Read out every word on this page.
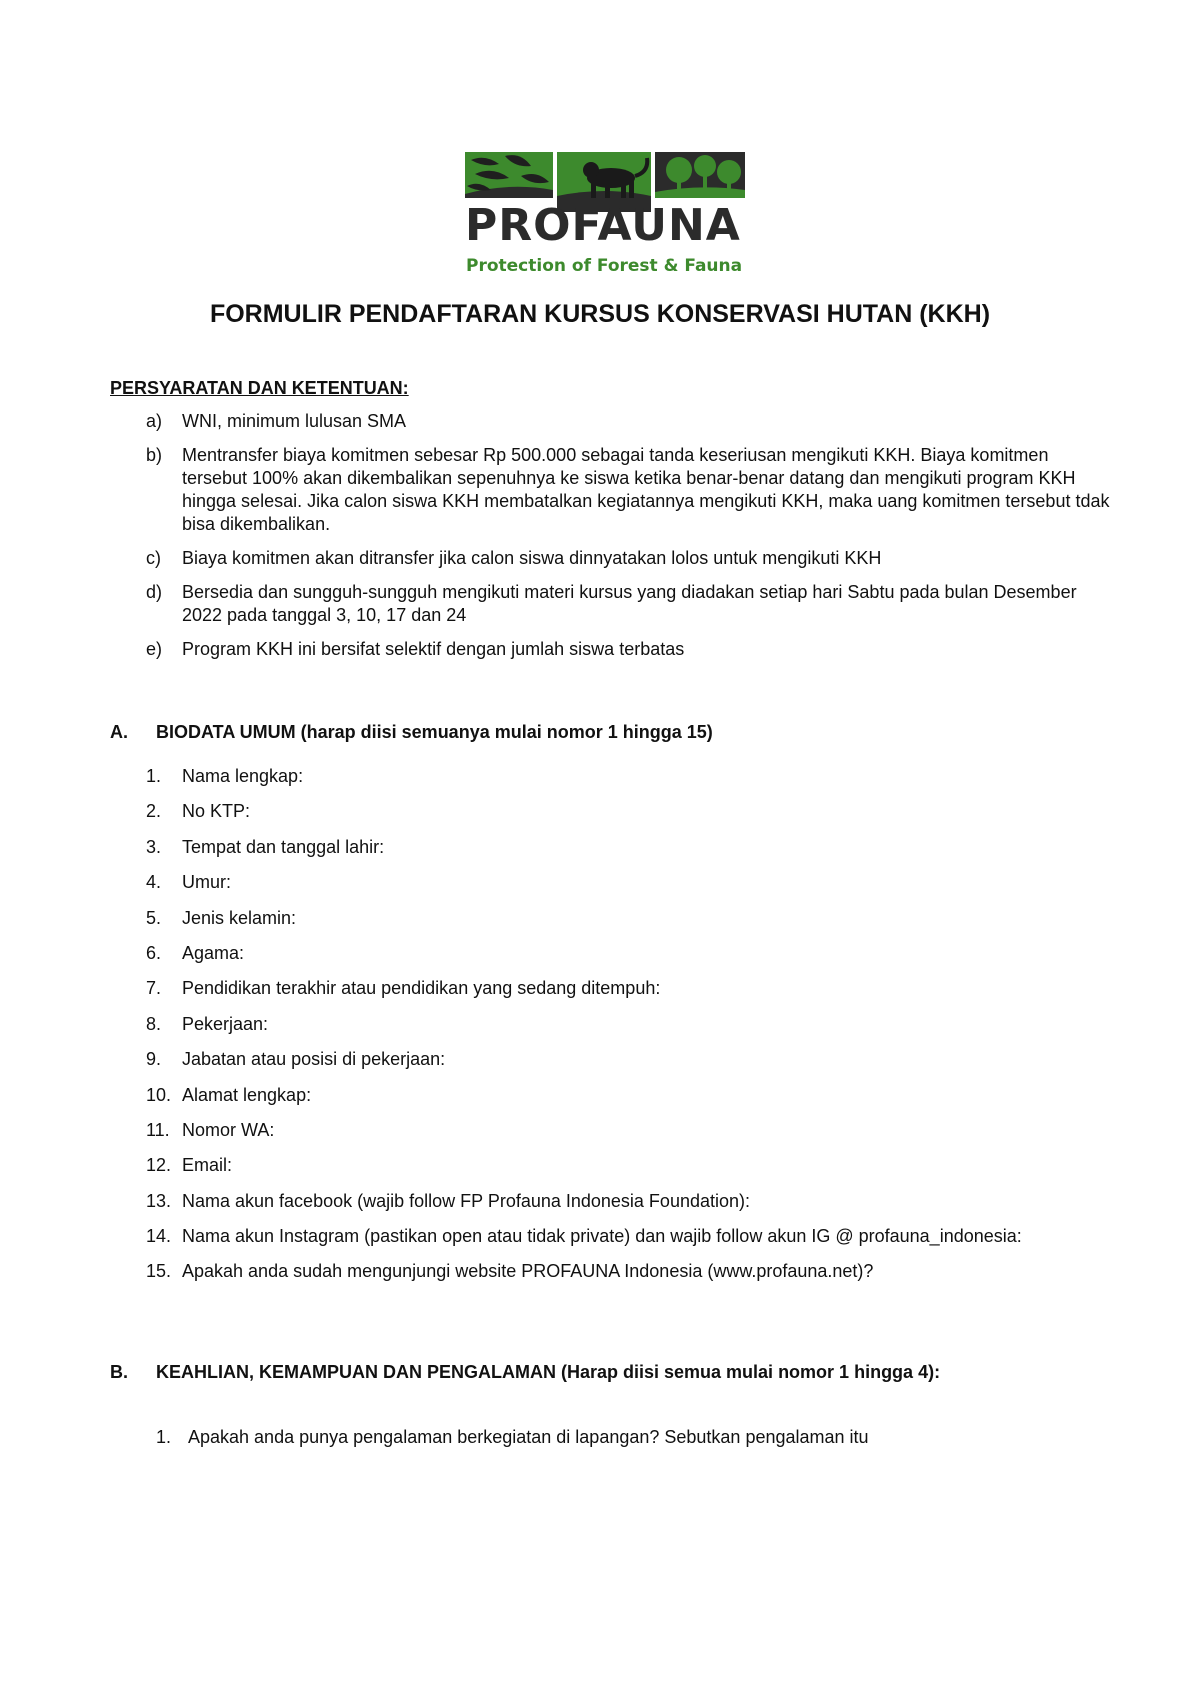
PROFAUNA
Protection of Forest & Fauna
FORMULIR PENDAFTARAN KURSUS KONSERVASI HUTAN (KKH)
PERSYARATAN DAN KETENTUAN:
a) WNI, minimum lulusan SMA
b) Mentransfer biaya komitmen sebesar Rp 500.000 sebagai tanda keseriusan mengikuti KKH. Biaya komitmen tersebut 100% akan dikembalikan sepenuhnya ke siswa ketika benar-benar datang dan mengikuti program KKH hingga selesai. Jika calon siswa KKH membatalkan kegiatannya mengikuti KKH, maka uang komitmen tersebut tdak bisa dikembalikan.
c) Biaya komitmen akan ditransfer jika calon siswa dinnyatakan lolos untuk mengikuti KKH
d) Bersedia dan sungguh-sungguh mengikuti materi kursus yang diadakan setiap hari Sabtu pada bulan Desember 2022 pada tanggal 3, 10, 17 dan 24
e) Program KKH ini bersifat selektif dengan jumlah siswa terbatas
A. BIODATA UMUM (harap diisi semuanya mulai nomor 1 hingga 15)
1. Nama lengkap:
2. No KTP:
3. Tempat dan tanggal lahir:
4. Umur:
5. Jenis kelamin:
6. Agama:
7. Pendidikan terakhir atau pendidikan yang sedang ditempuh:
8. Pekerjaan:
9. Jabatan atau posisi di pekerjaan:
10. Alamat lengkap:
11. Nomor WA:
12. Email:
13. Nama akun facebook (wajib follow FP Profauna Indonesia Foundation):
14. Nama akun Instagram (pastikan open atau tidak private) dan wajib follow akun IG @ profauna_indonesia:
15. Apakah anda sudah mengunjungi website PROFAUNA Indonesia (www.profauna.net)?
B. KEAHLIAN, KEMAMPUAN DAN PENGALAMAN (Harap diisi semua mulai nomor 1 hingga 4):
1. Apakah anda punya pengalaman berkegiatan di lapangan? Sebutkan pengalaman itu
